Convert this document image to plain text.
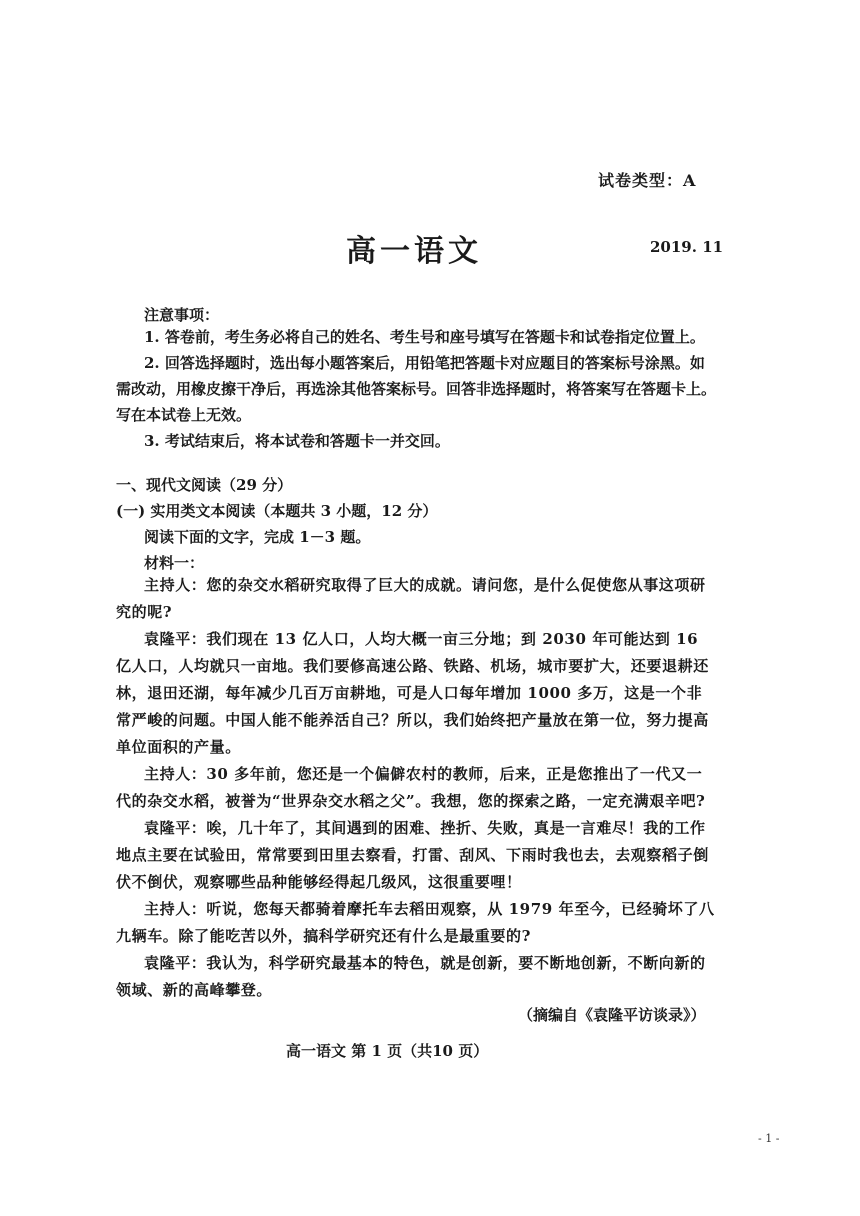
试卷类型：A
高一语文	2019. 11
注意事项：

1. 答卷前，考生务必将自己的姓名、考生号和座号填写在答题卡和试卷指定位置上。

2. 回答选择题时，选出每小题答案后，用铅笔把答题卡对应题目的答案标号涂黑。如需改动，用橡皮擦干净后，再选涂其他答案标号。回答非选择题时，将答案写在答题卡上。写在本试卷上无效。

3. 考试结束后，将本试卷和答题卡一并交回。

一、现代文阅读（29 分）
(一) 实用类文本阅读（本题共 3 小题，12 分）
阅读下面的文字，完成 1－3 题。
材料一：

主持人：您的杂交水稻研究取得了巨大的成就。请问您，是什么促使您从事这项研究的呢?

袁隆平：我们现在 13 亿人口，人均大概一亩三分地；到 2030 年可能达到 16 亿人口，人均就只一亩地。我们要修高速公路、铁路、机场，城市要扩大，还要退耕还林，退田还湖，每年减少几百万亩耕地，可是人口每年增加 1000 多万，这是一个非常严峻的问题。中国人能不能养活自己？所以，我们始终把产量放在第一位，努力提高单位面积的产量。

主持人：30 多年前，您还是一个偏僻农村的教师，后来，正是您推出了一代又一代的杂交水稻，被誉为“世界杂交水稻之父”。我想，您的探索之路，一定充满艰辛吧?

袁隆平：唉，几十年了，其间遇到的困难、挫折、失败，真是一言难尽！我的工作地点主要在试验田，常常要到田里去察看，打雷、刮风、下雨时我也去，去观察稻子倒伏不倒伏，观察哪些品种能够经得起几级风，这很重要哩！

主持人：听说，您每天都骑着摩托车去稻田观察，从 1979 年至今，已经骑坏了八九辆车。除了能吃苦以外，搞科学研究还有什么是最重要的?

袁隆平：我认为，科学研究最基本的特色，就是创新，要不断地创新，不断向新的领域、新的高峰攀登。

（摘编自《袁隆平访谈录》）
高一语文 第 1 页（共10 页）
- 1 -
